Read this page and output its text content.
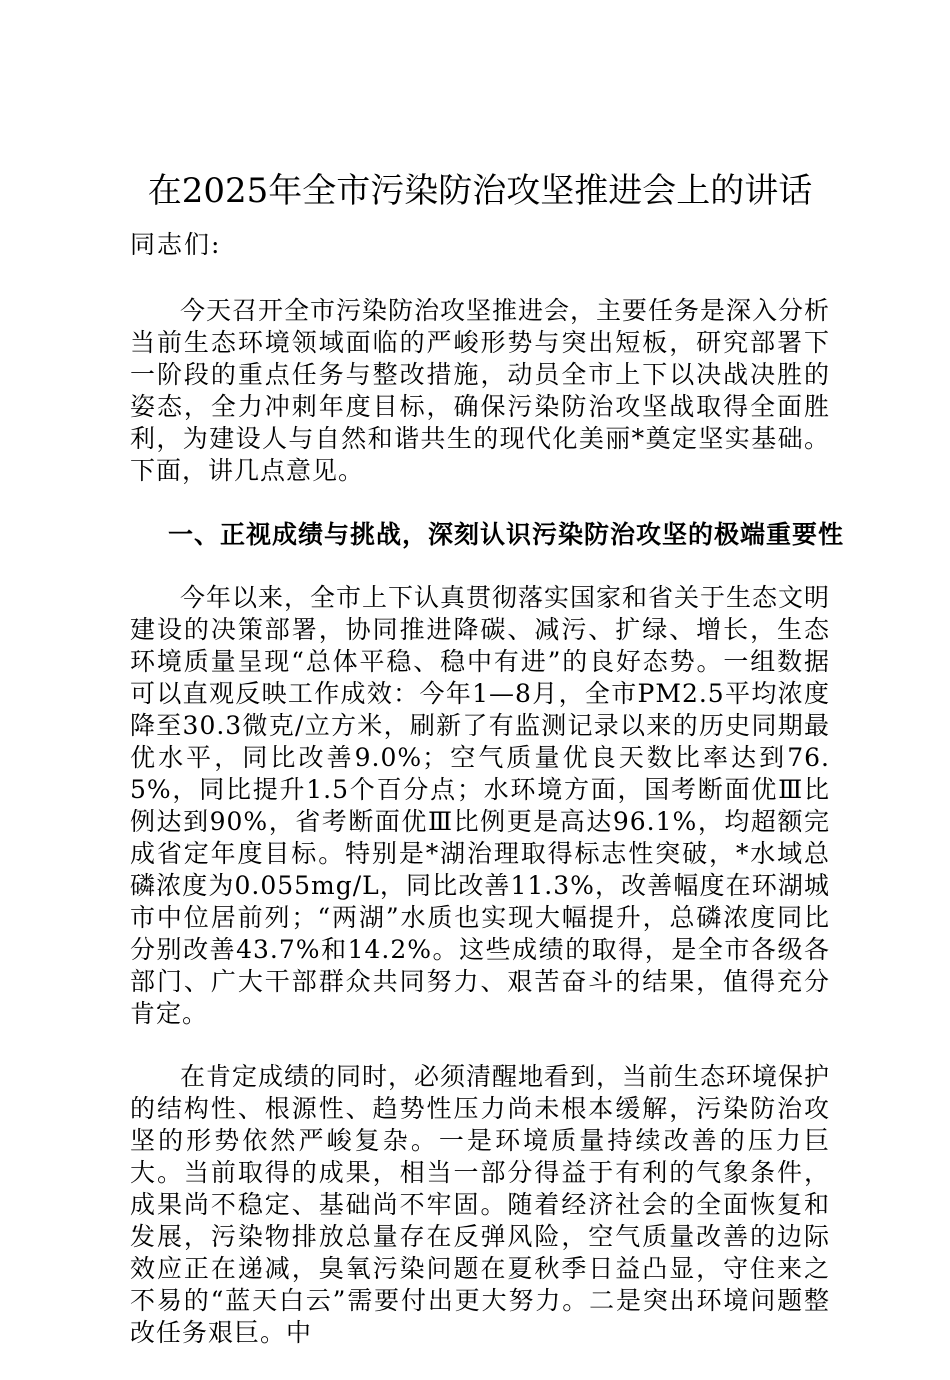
在2025年全市污染防治攻坚推进会上的讲话
同志们:

今天召开全市污染防治攻坚推进会，主要任务是深入分析当前生态环境领域面临的严峻形势与突出短板，研究部署下一阶段的重点任务与整改措施，动员全市上下以决战决胜的姿态，全力冲刺年度目标，确保污染防治攻坚战取得全面胜利，为建设人与自然和谐共生的现代化美丽*奠定坚实基础。下面，讲几点意见。

一、正视成绩与挑战，深刻认识污染防治攻坚的极端重要性

今年以来，全市上下认真贯彻落实国家和省关于生态文明建设的决策部署，协同推进降碳、减污、扩绿、增长，生态环境质量呈现“总体平稳、稳中有进”的良好态势。一组数据可以直观反映工作成效：今年1—8月，全市PM2.5平均浓度降至30.3微克/立方米，刷新了有监测记录以来的历史同期最优水平，同比改善9.0%；空气质量优良天数比率达到76.5%，同比提升1.5个百分点；水环境方面，国考断面优Ⅲ比例达到90%，省考断面优Ⅲ比例更是高达96.1%，均超额完成省定年度目标。特别是*湖治理取得标志性突破，*水域总磷浓度为0.055mg/L，同比改善11.3%，改善幅度在环湖城市中位居前列；“两湖”水质也实现大幅提升，总磷浓度同比分别改善43.7%和14.2%。这些成绩的取得，是全市各级各部门、广大干部群众共同努力、艰苦奋斗的结果，值得充分肯定。

在肯定成绩的同时，必须清醒地看到，当前生态环境保护的结构性、根源性、趋势性压力尚未根本缓解，污染防治攻坚的形势依然严峻复杂。一是环境质量持续改善的压力巨大。当前取得的成果，相当一部分得益于有利的气象条件，成果尚不稳定、基础尚不牢固。随着经济社会的全面恢复和发展，污染物排放总量存在反弹风险，空气质量改善的边际效应正在递减，臭氧污染问题在夏秋季日益凸显，守住来之不易的“蓝天白云”需要付出更大努力。二是突出环境问题整改任务艰巨。中
